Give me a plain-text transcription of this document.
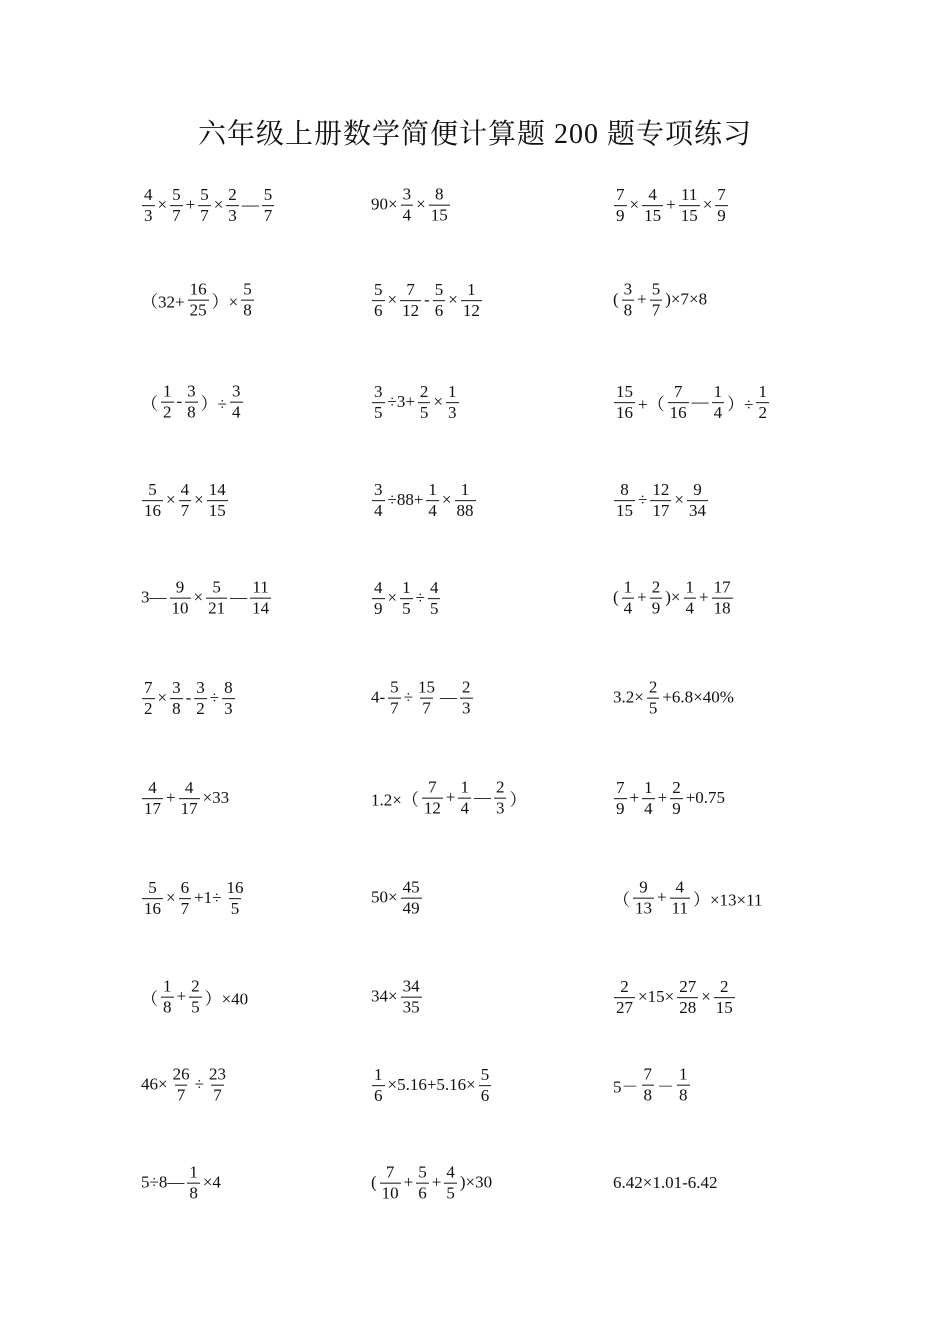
六年级上册数学简便计算题 200 题专项练习
$\frac{4}{3} \times \frac{5}{7} + \frac{5}{7} \times \frac{2}{3}$ — $\frac{5}{7}$	$90\times \frac{3}{4} \times \frac{8}{15}$	$\frac{7}{9} \times \frac{4}{15} + \frac{11}{15} \times \frac{7}{9}$
（$32+ \frac{16}{25}$ ）× $\frac{5}{8}$	$\frac{5}{6} \times \frac{7}{12} - \frac{5}{6} \times \frac{1}{12}$	( $\frac{3}{8} + \frac{5}{7} )\times 7\times 8$
（ $\frac{1}{2} - \frac{3}{8}$ ）÷ $\frac{3}{4}$	$\frac{3}{5} \div 3+ \frac{2}{5} \times \frac{1}{3}$	$\frac{15}{16}$ +（ $\frac{7}{16}$ — $\frac{1}{4}$ ）÷ $\frac{1}{2}$
$\frac{5}{16} \times \frac{4}{7} \times \frac{14}{15}$	$\frac{3}{4} \div 88+ \frac{1}{4} \times \frac{1}{88}$	$\frac{8}{15} \div \frac{12}{17} \times \frac{9}{34}$
3— $\frac{9}{10} \times \frac{5}{21}$ — $\frac{11}{14}$	$\frac{4}{9} \times \frac{1}{5} \div \frac{4}{5}$	( $\frac{1}{4} + \frac{2}{9}$ )× $\frac{1}{4} + \frac{17}{18}$
$\frac{7}{2} \times \frac{3}{8} - \frac{3}{2} \div \frac{8}{3}$	$4- \frac{5}{7} \div \frac{15}{7}$ — $\frac{2}{3}$	$3.2\times \frac{2}{5} +6.8\times 40\%$
$\frac{4}{17} + \frac{4}{17} \times 33$	$1.2\times( \frac{7}{12} + \frac{1}{4}$ — $\frac{2}{3}$ ）	$\frac{7}{9} + \frac{1}{4} + \frac{2}{9} +0.75$
$\frac{5}{16} \times \frac{6}{7} +1\div \frac{16}{5}$	$50\times \frac{45}{49}$	（ $\frac{9}{13} + \frac{4}{11} )\times 13\times 11$
（ $\frac{1}{8} + \frac{2}{5} )\times 40$	$34\times \frac{34}{35}$	$\frac{2}{27} \times 15\times \frac{27}{28} \times \frac{2}{15}$
$46\times \frac{26}{7} \div \frac{23}{7}$	$\frac{1}{6} \times 5.16+5.16\times \frac{5}{6}$	$5- \frac{7}{8} - \frac{1}{8}$
5÷8— $\frac{1}{8} \times 4$	( $\frac{7}{10} + \frac{5}{6} + \frac{4}{5} )\times 30$	6.42×1.01-6.42
